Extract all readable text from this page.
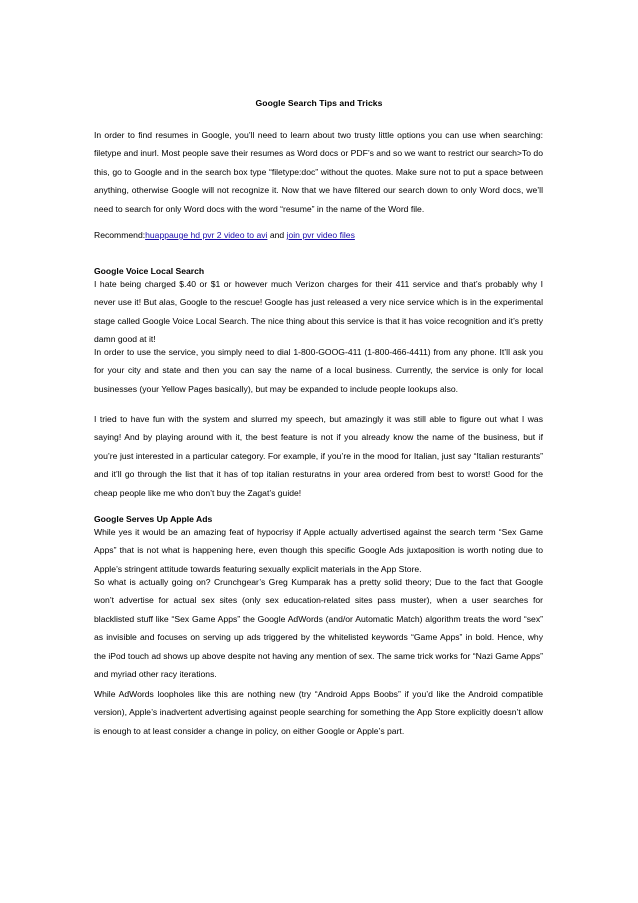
Google Search Tips and Tricks

In order to find resumes in Google, you’ll need to learn about two trusty little options you can use when searching: filetype and inurl. Most people save their resumes as Word docs or PDF’s and so we want to restrict our search>To do this, go to Google and in the search box type “filetype:doc” without the quotes. Make sure not to put a space between anything, otherwise Google will not recognize it. Now that we have filtered our search down to only Word docs, we’ll need to search for only Word docs with the word “resume” in the name of the Word file.

Recommend:huappauge hd pvr 2 video to avi and join pvr video files

Google Voice Local Search

I hate being charged $.40 or $1 or however much Verizon charges for their 411 service and that’s probably why I never use it! But alas, Google to the rescue! Google has just released a very nice service which is in the experimental stage called Google Voice Local Search. The nice thing about this service is that it has voice recognition and it’s pretty damn good at it!

In order to use the service, you simply need to dial 1-800-GOOG-411 (1-800-466-4411) from any phone. It’ll ask you for your city and state and then you can say the name of a local business. Currently, the service is only for local businesses (your Yellow Pages basically), but may be expanded to include people lookups also.

I tried to have fun with the system and slurred my speech, but amazingly it was still able to figure out what I was saying! And by playing around with it, the best feature is not if you already know the name of the business, but if you’re just interested in a particular category. For example, if you’re in the mood for Italian, just say “Italian resturants” and it’ll go through the list that it has of top italian resturatns in your area ordered from best to worst! Good for the cheap people like me who don’t buy the Zagat’s guide!

Google Serves Up Apple Ads

While yes it would be an amazing feat of hypocrisy if Apple actually advertised against the search term “Sex Game Apps” that is not what is happening here, even though this specific Google Ads juxtaposition is worth noting due to Apple’s stringent attitude towards featuring sexually explicit materials in the App Store.

So what is actually going on? Crunchgear’s Greg Kumparak has a pretty solid theory; Due to the fact that Google won’t advertise for actual sex sites (only sex education-related sites pass muster), when a user searches for blacklisted stuff like “Sex Game Apps” the Google AdWords (and/or Automatic Match) algorithm treats the word “sex” as invisible and focuses on serving up ads triggered by the whitelisted keywords “Game Apps” in bold. Hence, why the iPod touch ad shows up above despite not having any mention of sex. The same trick works for “Nazi Game Apps” and myriad other racy iterations.

While AdWords loopholes like this are nothing new (try “Android Apps Boobs” if you’d like the Android compatible version), Apple’s inadvertent advertising against people searching for something the App Store explicitly doesn’t allow is enough to at least consider a change in policy, on either Google or Apple’s part.
